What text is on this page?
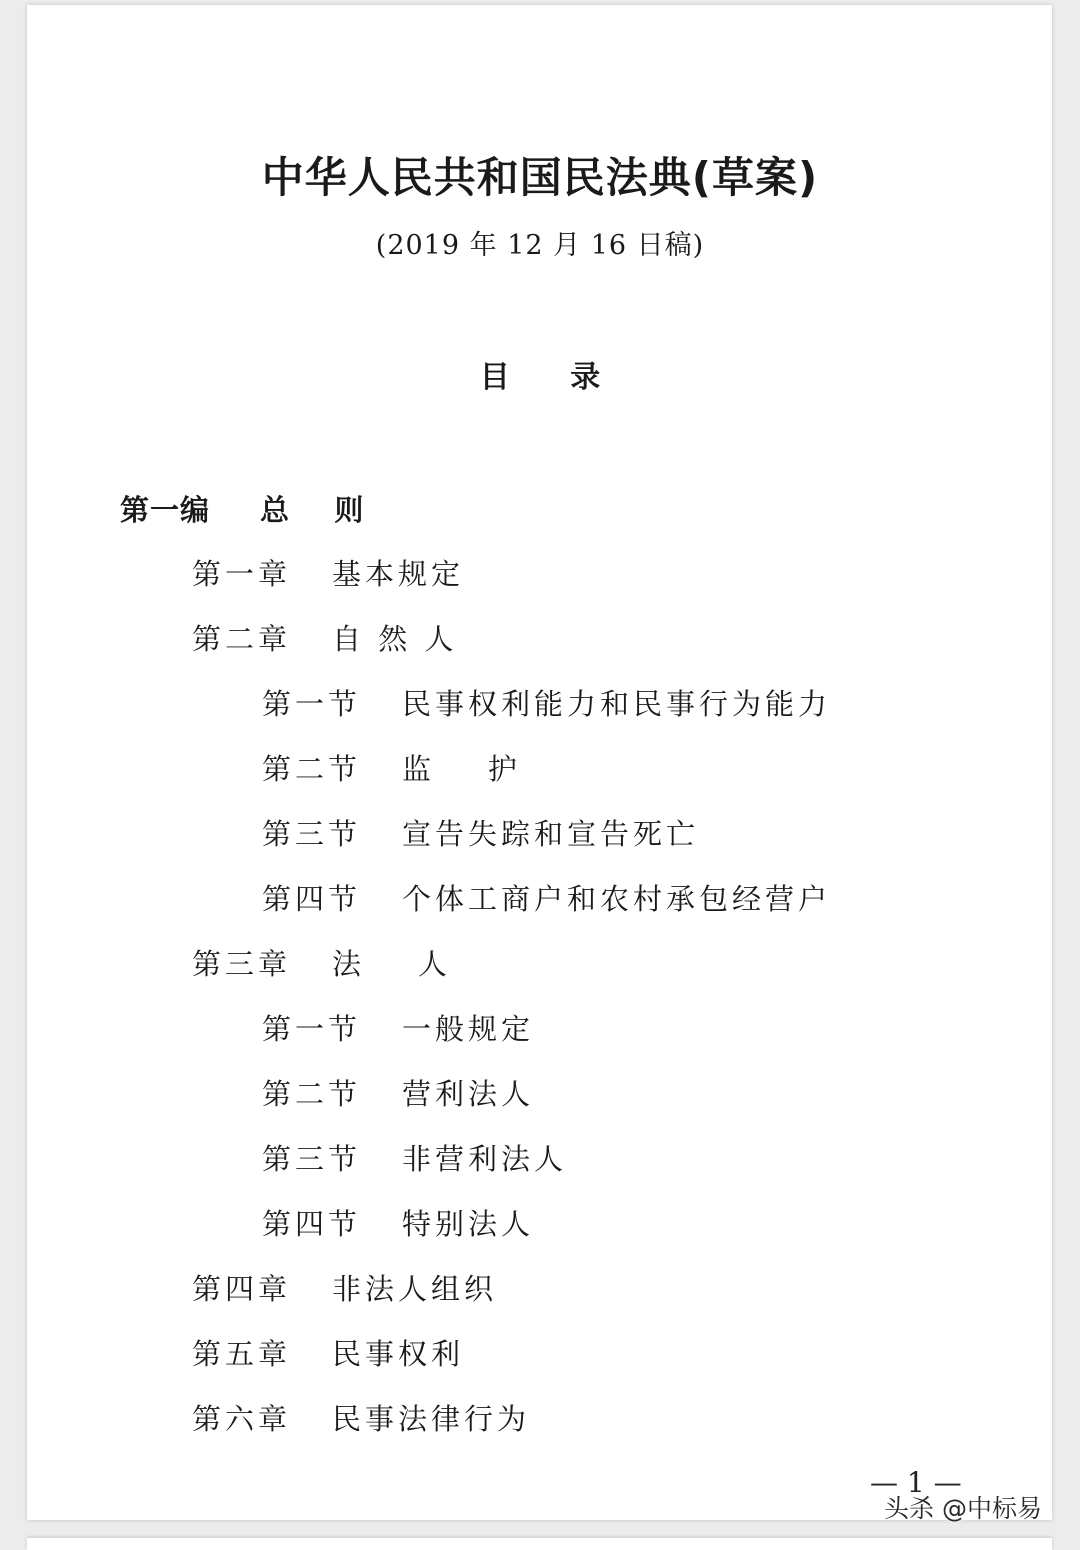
中华人民共和国民法典(草案)
(2019 年 12 月 16 日稿)
目 录
第一编 总    则
第一章 基本规定
第二章 自 然 人
第一节 民事权利能力和民事行为能力
第二节 监    护
第三节 宣告失踪和宣告死亡
第四节 个体工商户和农村承包经营户
第三章 法    人
第一节 一般规定
第二节 营利法人
第三节 非营利法人
第四节 特别法人
第四章 非法人组织
第五章 民事权利
第六章 民事法律行为
— 1 —
头杀 @中标易
